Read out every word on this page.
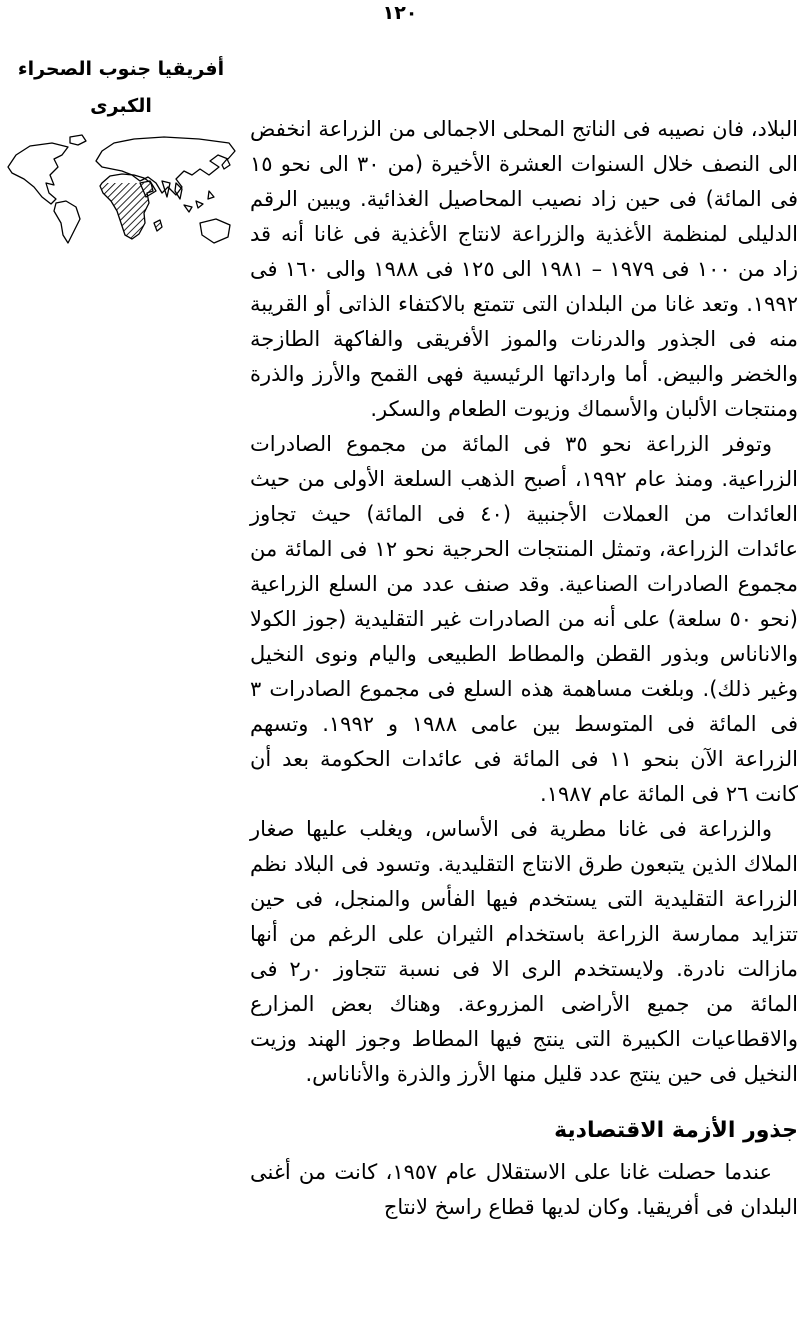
١٢٠
أفريقيا جنوب الصحراء
الكبرى

البلاد، فان نصيبه فى الناتج المحلى الاجمالى من الزراعة انخفض الى النصف خلال السنوات العشرة الأخيرة (من ٣٠ الى نحو ١٥ فى المائة) فى حين زاد نصيب المحاصيل الغذائية. ويبين الرقم الدليلى لمنظمة الأغذية والزراعة لانتاج الأغذية فى غانا أنه قد زاد من ١٠٠ فى ١٩٧٩ – ١٩٨١ الى ١٢٥ فى ١٩٨٨ والى ١٦٠ فى ١٩٩٢. وتعد غانا من البلدان التى تتمتع بالاكتفاء الذاتى أو القريبة منه فى الجذور والدرنات والموز الأفريقى والفاكهة الطازجة والخضر والبيض. أما وارداتها الرئيسية فهى القمح والأرز والذرة ومنتجات الألبان والأسماك وزيوت الطعام والسكر.

وتوفر الزراعة نحو ٣٥ فى المائة من مجموع الصادرات الزراعية. ومنذ عام ١٩٩٢، أصبح الذهب السلعة الأولى من حيث العائدات من العملات الأجنبية (٤٠ فى المائة) حيث تجاوز عائدات الزراعة، وتمثل المنتجات الحرجية نحو ١٢ فى المائة من مجموع الصادرات الصناعية. وقد صنف عدد من السلع الزراعية (نحو ٥٠ سلعة) على أنه من الصادرات غير التقليدية (جوز الكولا والاناناس وبذور القطن والمطاط الطبيعى واليام ونوى النخيل وغير ذلك). وبلغت مساهمة هذه السلع فى مجموع الصادرات ٣ فى المائة فى المتوسط بين عامى ١٩٨٨ و ١٩٩٢. وتسهم الزراعة الآن بنحو ١١ فى المائة فى عائدات الحكومة بعد أن كانت ٢٦ فى المائة عام ١٩٨٧.

والزراعة فى غانا مطرية فى الأساس، ويغلب عليها صغار الملاك الذين يتبعون طرق الانتاج التقليدية. وتسود فى البلاد نظم الزراعة التقليدية التى يستخدم فيها الفأس والمنجل، فى حين تتزايد ممارسة الزراعة باستخدام الثيران على الرغم من أنها مازالت نادرة. ولايستخدم الرى الا فى نسبة تتجاوز ٠ر٢ فى المائة من جميع الأراضى المزروعة. وهناك بعض المزارع والاقطاعيات الكبيرة التى ينتج فيها المطاط وجوز الهند وزيت النخيل فى حين ينتج عدد قليل منها الأرز والذرة والأناناس.

جذور الأزمة الاقتصادية

عندما حصلت غانا على الاستقلال عام ١٩٥٧، كانت من أغنى البلدان فى أفريقيا. وكان لديها قطاع راسخ لانتاج
